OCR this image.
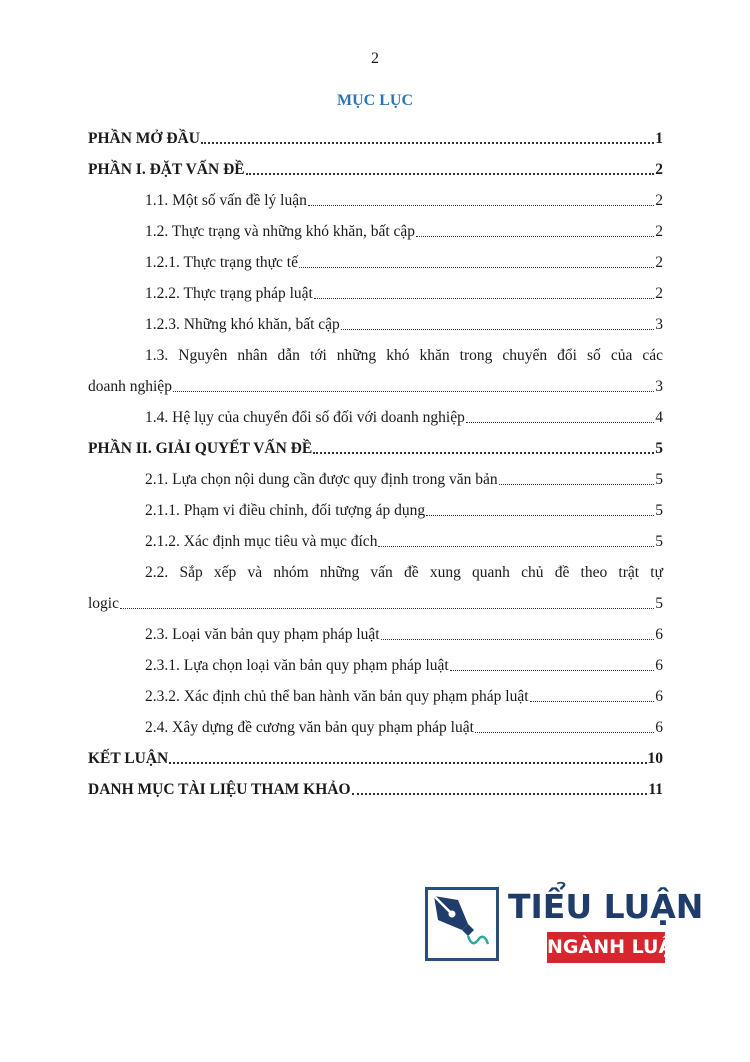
2
MỤC LỤC
PHẦN MỞ ĐẦU	1
PHẦN I. ĐẶT VẤN ĐỀ	2
1.1. Một số vấn đề lý luận	2
1.2. Thực trạng và những khó khăn, bất cập	2
1.2.1. Thực trạng thực tế	2
1.2.2. Thực trạng pháp luật	2
1.2.3. Những khó khăn, bất cập	3
1.3. Nguyên nhân dẫn tới những khó khăn trong chuyển đổi số của các
doanh nghiệp	3
1.4. Hệ lụy của chuyển đổi số đối với doanh nghiệp	4
PHẦN II. GIẢI QUYẾT VẤN ĐỀ	5
2.1. Lựa chọn nội dung cần được quy định trong văn bản	5
2.1.1. Phạm vi điều chỉnh, đối tượng áp dụng	5
2.1.2. Xác định mục tiêu và mục đích	5
2.2. Sắp xếp và nhóm những vấn đề xung quanh chủ đề theo trật tự
logic	5
2.3. Loại văn bản quy phạm pháp luật	6
2.3.1. Lựa chọn loại văn bản quy phạm pháp luật	6
2.3.2. Xác định chủ thể ban hành văn bản quy phạm pháp luật	6
2.4. Xây dựng đề cương văn bản quy phạm pháp luật	6
KẾT LUẬN	10
DANH MỤC TÀI LIỆU THAM KHẢO	11
TIỂU LUẬN
NGÀNH LUẬT
